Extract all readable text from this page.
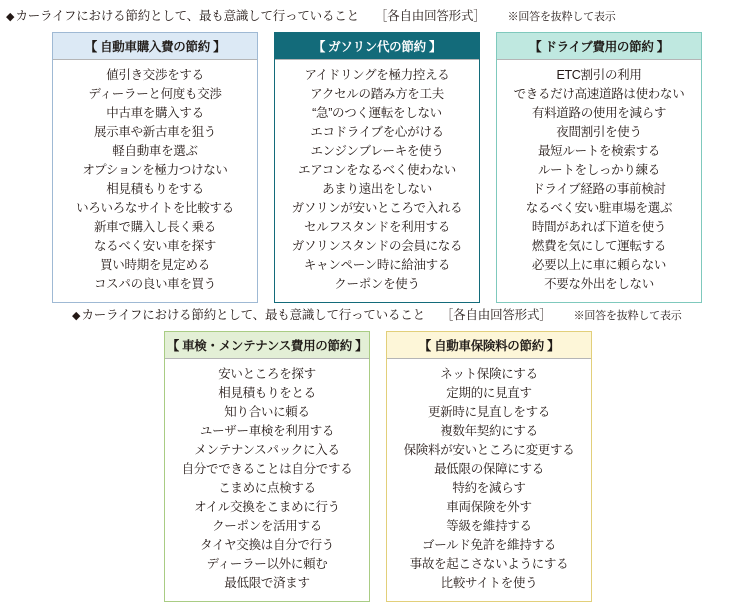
◆ カーライフにおける節約として、最も意識して行っていること ［各自由回答形式］ ※回答を抜粋して表示
【 自動車購入費の節約 】
値引き交渉をする
ディーラーと何度も交渉
中古車を購入する
展示車や新古車を狙う
軽自動車を選ぶ
オプションを極力つけない
相見積もりをする
いろいろなサイトを比較する
新車で購入し長く乗る
なるべく安い車を探す
買い時期を見定める
コスパの良い車を買う
【 ガソリン代の節約 】
アイドリングを極力控える
アクセルの踏み方を工夫
“急”のつく運転をしない
エコドライブを心がける
エンジンブレーキを使う
エアコンをなるべく使わない
あまり遠出をしない
ガソリンが安いところで入れる
セルフスタンドを利用する
ガソリンスタンドの会員になる
キャンペーン時に給油する
クーポンを使う
【 ドライブ費用の節約 】
ETC割引の利用
できるだけ高速道路は使わない
有料道路の使用を減らす
夜間割引を使う
最短ルートを検索する
ルートをしっかり練る
ドライブ経路の事前検討
なるべく安い駐車場を選ぶ
時間があれば下道を使う
燃費を気にして運転する
必要以上に車に頼らない
不要な外出をしない
◆ カーライフにおける節約として、最も意識して行っていること ［各自由回答形式］ ※回答を抜粋して表示
【 車検・メンテナンス費用の節約 】
安いところを探す
相見積もりをとる
知り合いに頼る
ユーザー車検を利用する
メンテナンスパックに入る
自分でできることは自分でする
こまめに点検する
オイル交換をこまめに行う
クーポンを活用する
タイヤ交換は自分で行う
ディーラー以外に頼む
最低限で済ます
【 自動車保険料の節約 】
ネット保険にする
定期的に見直す
更新時に見直しをする
複数年契約にする
保険料が安いところに変更する
最低限の保障にする
特約を減らす
車両保険を外す
等級を維持する
ゴールド免許を維持する
事故を起こさないようにする
比較サイトを使う
